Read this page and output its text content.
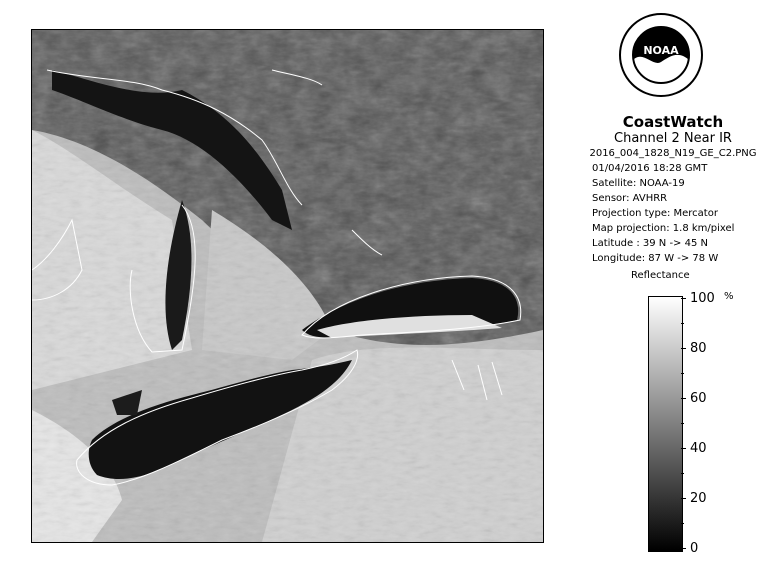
NOAA

CoastWatch

Channel 2 Near IR

2016_004_1828_N19_GE_C2.PNG
01/04/2016 18:28 GMT
Satellite: NOAA-19
Sensor: AVHRR
Projection type: Mercator
Map projection: 1.8 km/pixel
Latitude : 39 N -> 45 N
Longitude: 87 W -> 78 W
Reflectance
%
100
80
60
40
20
0
